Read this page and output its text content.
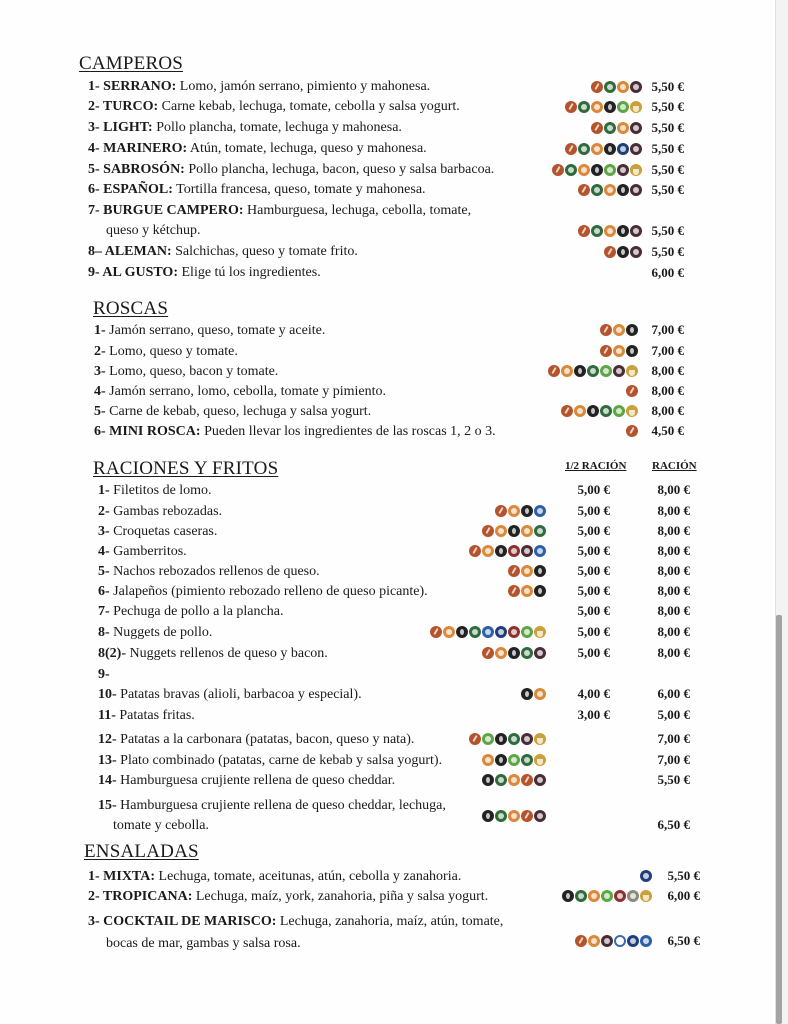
CAMPEROS
1- SERRANO: Lomo, jamón serrano, pimiento y mahonesa.	5,50 €
2- TURCO: Carne kebab, lechuga, tomate, cebolla y salsa yogurt.	5,50 €
3- LIGHT: Pollo plancha, tomate, lechuga y mahonesa.	5,50 €
4- MARINERO: Atún, tomate, lechuga, queso y mahonesa.	5,50 €
5- SABROSÓN: Pollo plancha, lechuga, bacon, queso y salsa barbacoa.	5,50 €
6- ESPAÑOL: Tortilla francesa, queso, tomate y mahonesa.	5,50 €
7- BURGUE CAMPERO: Hamburguesa, lechuga, cebolla, tomate,
queso y kétchup.	5,50 €
8– ALEMAN: Salchichas, queso y tomate frito.	5,50 €
9- AL GUSTO: Elige tú los ingredientes.	6,00 €
ROSCAS
1- Jamón serrano, queso, tomate y aceite.	7,00 €
2- Lomo, queso y tomate.	7,00 €
3- Lomo, queso, bacon y tomate.	8,00 €
4- Jamón serrano, lomo, cebolla, tomate y pimiento.	8,00 €
5- Carne de kebab, queso, lechuga y salsa yogurt.	8,00 €
6- MINI ROSCA: Pueden llevar los ingredientes de las roscas 1, 2 o 3.	4,50 €
RACIONES Y FRITOS	1/2 RACIÓN RACIÓN
1- Filetitos de lomo.	5,00 €	8,00 €
2- Gambas rebozadas.	5,00 €	8,00 €
3- Croquetas caseras.	5,00 €	8,00 €
4- Gamberritos.	5,00 €	8,00 €
5- Nachos rebozados rellenos de queso.	5,00 €	8,00 €
6- Jalapeños (pimiento rebozado relleno de queso picante).	5,00 €	8,00 €
7- Pechuga de pollo a la plancha.	5,00 €	8,00 €
8- Nuggets de pollo.	5,00 €	8,00 €
8(2)- Nuggets rellenos de queso y bacon.	5,00 €	8,00 €
9-
10- Patatas bravas (alioli, barbacoa y especial).	4,00 €	6,00 €
11- Patatas fritas.	3,00 €	5,00 €
12- Patatas a la carbonara (patatas, bacon, queso y nata).	7,00 €
13- Plato combinado (patatas, carne de kebab y salsa yogurt).	7,00 €
14- Hamburguesa crujiente rellena de queso cheddar.	5,50 €
15- Hamburguesa crujiente rellena de queso cheddar, lechuga,
tomate y cebolla.	6,50 €
ENSALADAS
1- MIXTA: Lechuga, tomate, aceitunas, atún, cebolla y zanahoria.	5,50 €
2- TROPICANA: Lechuga, maíz, york, zanahoria, piña y salsa yogurt.	6,00 €
3- COCKTAIL DE MARISCO: Lechuga, zanahoria, maíz, atún, tomate,
bocas de mar, gambas y salsa rosa.	6,50 €
